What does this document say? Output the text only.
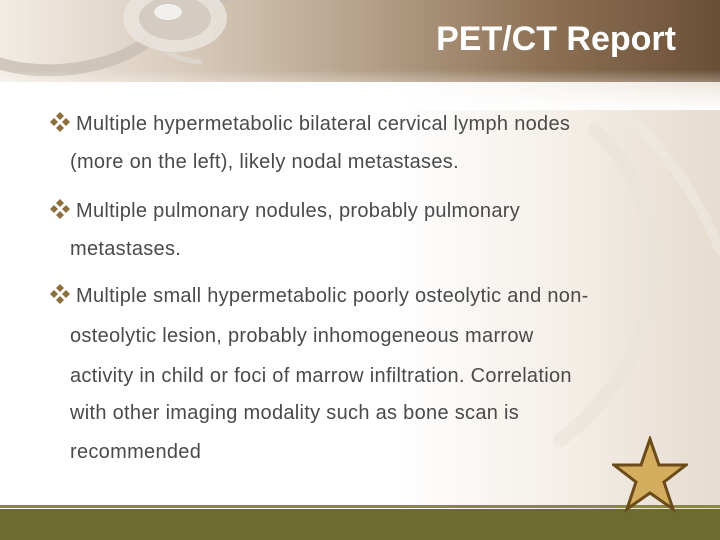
PET/CT Report
Multiple hypermetabolic bilateral cervical lymph nodes
(more on the left), likely nodal metastases.
Multiple pulmonary nodules, probably pulmonary
metastases.
Multiple small hypermetabolic poorly osteolytic and non-
osteolytic lesion, probably inhomogeneous marrow
activity in child or foci of marrow infiltration. Correlation
with other imaging modality such as bone scan is
recommended
